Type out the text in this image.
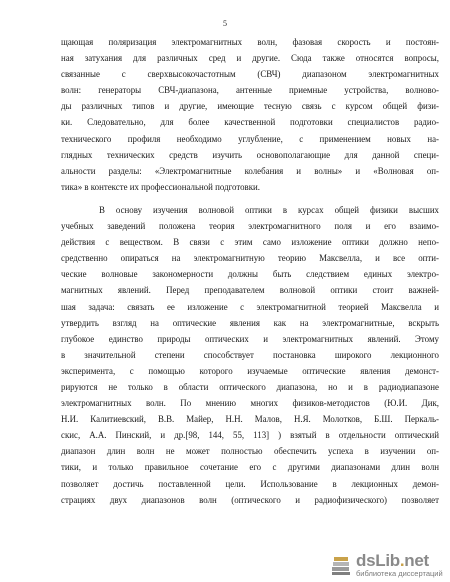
5
щающая поляризация электромагнитных волн, фазовая скорость и постоян-
ная затухания для различных сред и другие. Сюда также относятся вопросы,
связанные с сверхвысокочастотным (СВЧ) диапазоном электромагнитных
волн: генераторы СВЧ-диапазона, антенные приемные устройства, волново-
ды различных типов и другие, имеющие тесную связь с курсом общей физи-
ки. Следовательно, для более качественной подготовки специалистов радио-
технического профиля необходимо углубление, с применением новых на-
глядных технических средств изучить основополагающие для данной специ-
альности разделы: «Электромагнитные колебания и волны» и «Волновая оп-
тика» в контексте их профессиональной подготовки.
В основу изучения волновой оптики в курсах общей физики высших
учебных заведений положена теория электромагнитного поля и его взаимо-
действия с веществом. В связи с этим само изложение оптики должно непо-
средственно опираться на электромагнитную теорию Максвелла, и все опти-
ческие волновые закономерности должны быть следствием единых электро-
магнитных явлений. Перед преподавателем волновой оптики стоит важней-
шая задача: связать ее изложение с электромагнитной теорией Максвелла и
утвердить взгляд на оптические явления как на электромагнитные, вскрыть
глубокое единство природы оптических и электромагнитных явлений. Этому
в значительной степени способствует постановка широкого лекционного
эксперимента, с помощью которого изучаемые оптические явления демонст-
рируются не только в области оптического диапазона, но и в радиодиапазоне
электромагнитных волн. По мнению многих физиков-методистов (Ю.И. Дик,
Н.И. Калитиевский, В.В. Майер, Н.Н. Малов, Н.Я. Молотков, Б.Ш. Перкаль-
скис, А.А. Пинский, и др.[98, 144, 55, 113] ) взятый в отдельности оптический
диапазон длин волн не может полностью обеспечить успеха в изучении оп-
тики, и только правильное сочетание его с другими диапазонами длин волн
позволяет достичь поставленной цели. Использование в лекционных демон-
страциях двух диапазонов волн (оптического и радиофизического) позволяет
dsLib.net
библиотека диссертаций
